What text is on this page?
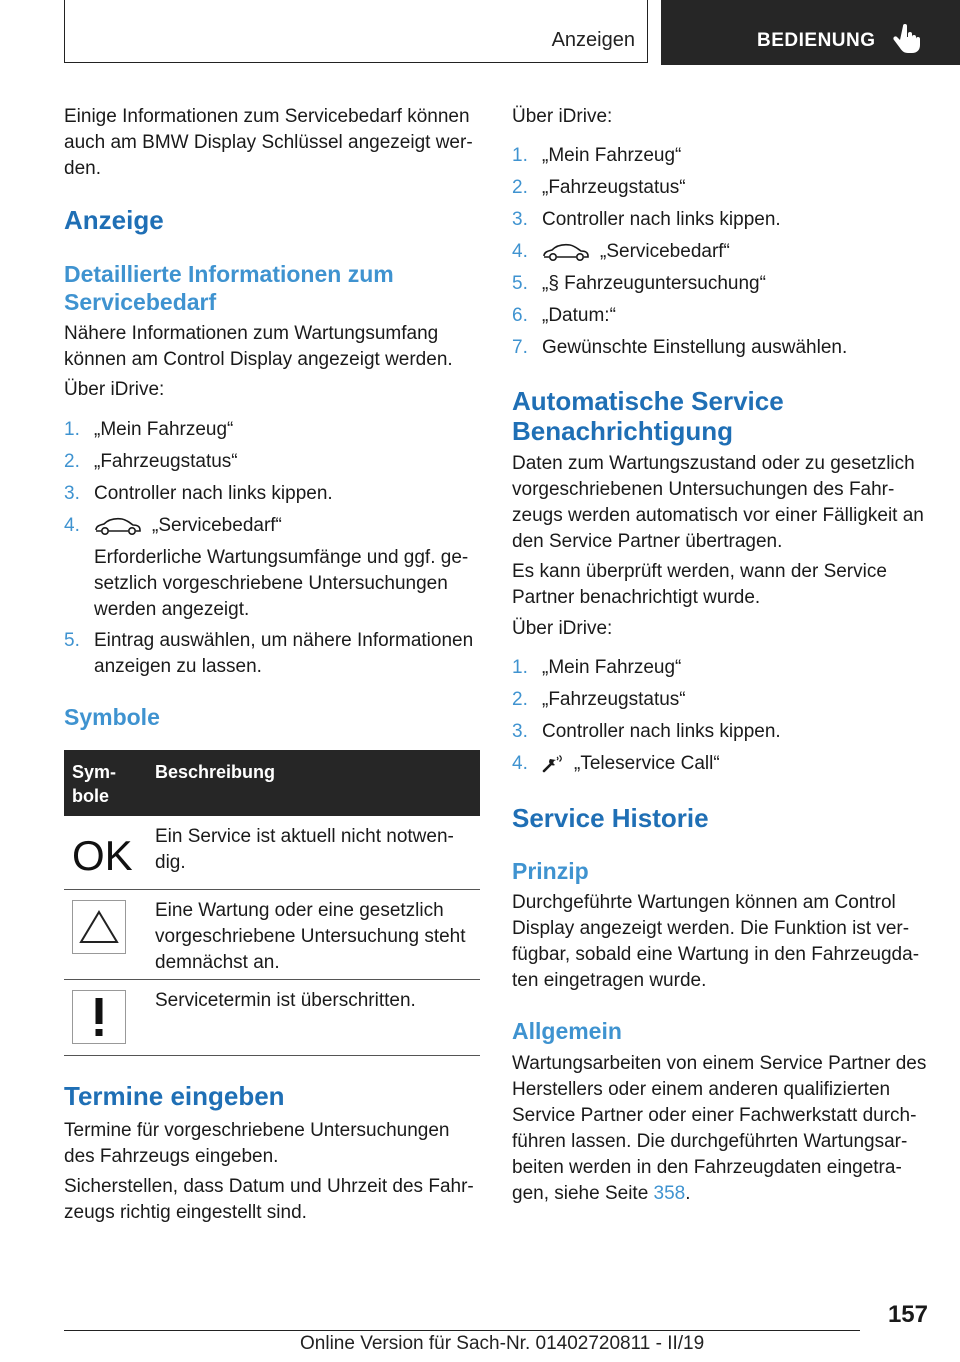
Anzeigen	BEDIENUNG

Einige Informationen zum Servicebedarf können auch am BMW Display Schlüssel angezeigt werden.

Anzeige
Detaillierte Informationen zum Servicebedarf

Nähere Informationen zum Wartungsumfang können am Control Display angezeigt werden.

Über iDrive:

1. „Mein Fahrzeug“
2. „Fahrzeugstatus“
3. Controller nach links kippen.
4.	„Servicebedarf“
Erforderliche Wartungsumfänge und ggf. gesetzlich vorgeschriebene Untersuchungen werden angezeigt.
5. Eintrag auswählen, um nähere Informationen anzeigen zu lassen.
Symbole
Symbole
Beschreibung
OK Ein Service ist aktuell nicht notwendig.
Eine Wartung oder eine gesetzlich vorgeschriebene Untersuchung steht demnächst an.
Servicetermin ist überschritten.
Termine eingeben

Termine für vorgeschriebene Untersuchungen des Fahrzeugs eingeben.

Sicherstellen, dass Datum und Uhrzeit des Fahrzeugs richtig eingestellt sind.

Über iDrive:

1. „Mein Fahrzeug“
2. „Fahrzeugstatus“
3. Controller nach links kippen.
4.	„Servicebedarf“
5. „§ Fahrzeuguntersuchung“
6. „Datum:“
7. Gewünschte Einstellung auswählen.
Automatische Service Benachrichtigung

Daten zum Wartungszustand oder zu gesetzlich vorgeschriebenen Untersuchungen des Fahrzeugs werden automatisch vor einer Fälligkeit an den Service Partner übertragen.

Es kann überprüft werden, wann der Service Partner benachrichtigt wurde.

Über iDrive:

1. „Mein Fahrzeug“
2. „Fahrzeugstatus“
3. Controller nach links kippen.
4.	„Teleservice Call“
Service Historie
Prinzip

Durchgeführte Wartungen können am Control Display angezeigt werden. Die Funktion ist verfügbar, sobald eine Wartung in den Fahrzeugdaten eingetragen wurde.

Allgemein

Wartungsarbeiten von einem Service Partner des Herstellers oder einem anderen qualifizierten Service Partner oder einer Fachwerkstatt durchführen lassen. Die durchgeführten Wartungsarbeiten werden in den Fahrzeugdaten eingetragen, siehe Seite 358.

157
Online Version für Sach-Nr. 01402720811 - II/19
